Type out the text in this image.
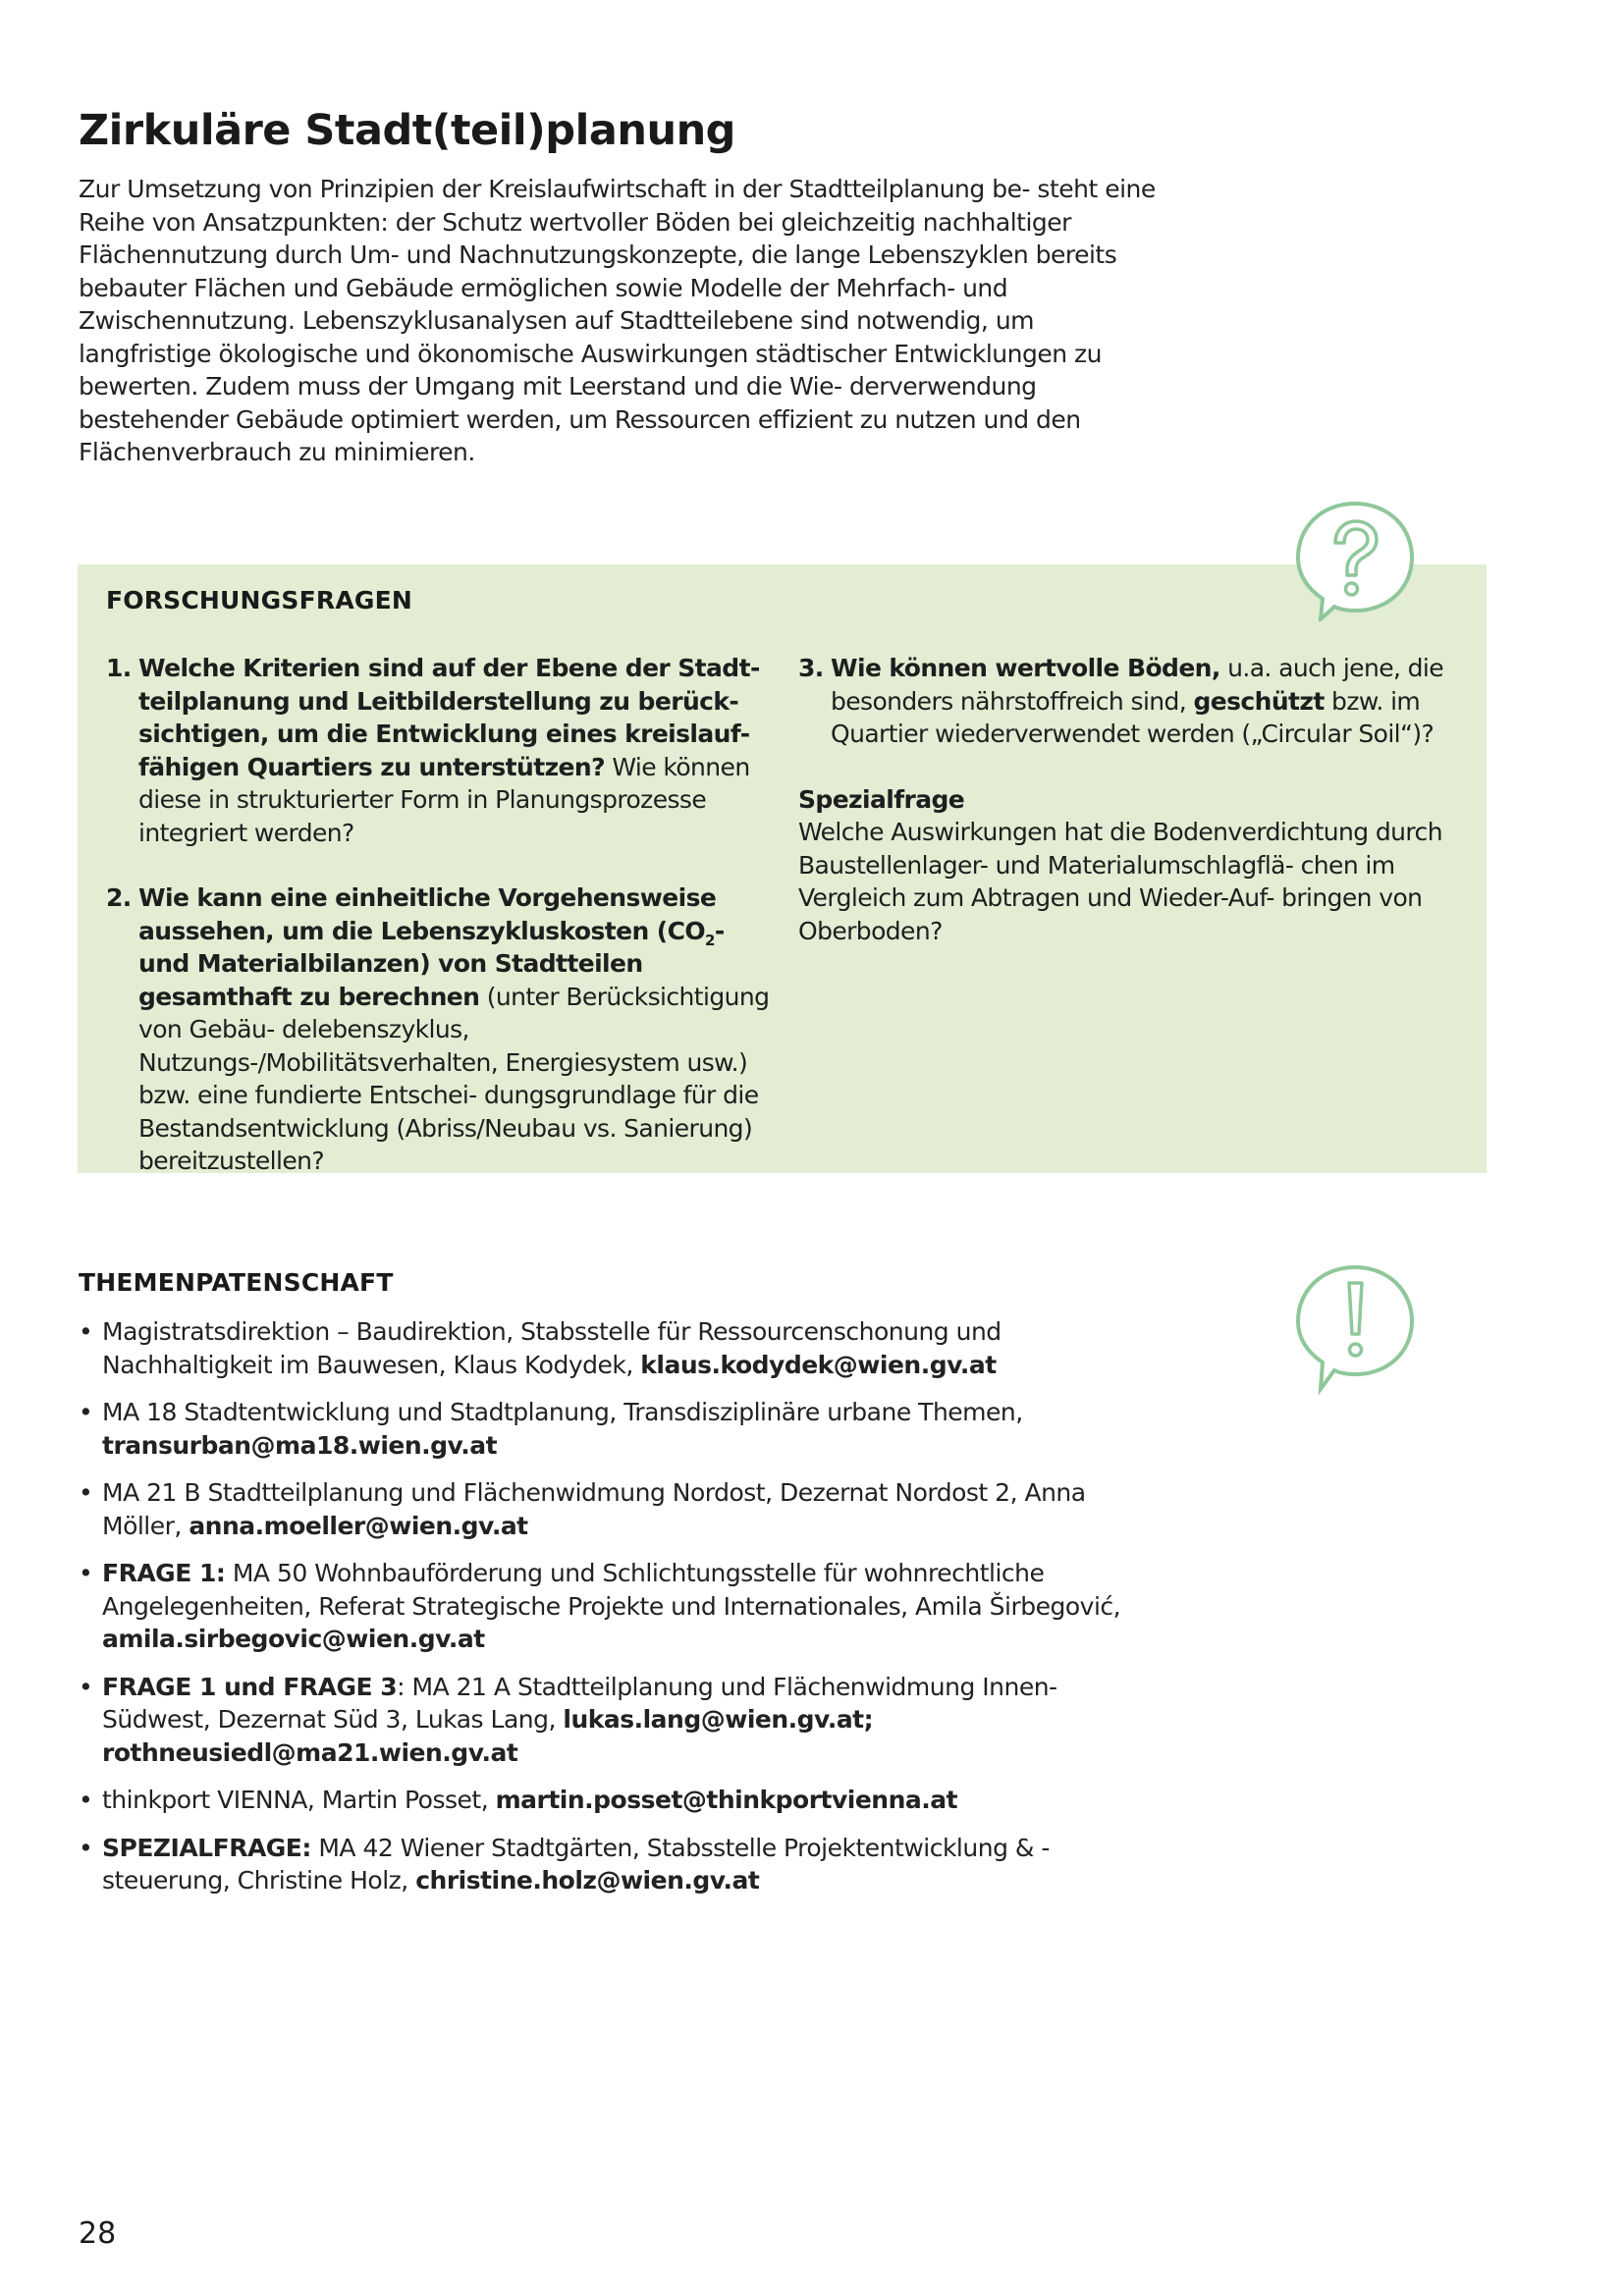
Zirkuläre Stadt(teil)planung

Zur Umsetzung von Prinzipien der Kreislaufwirtschaft in der Stadtteilplanung be- steht eine Reihe von Ansatzpunkten: der Schutz wertvoller Böden bei gleichzeitig nachhaltiger Flächennutzung durch Um- und Nachnutzungskonzepte, die lange Lebenszyklen bereits bebauter Flächen und Gebäude ermöglichen sowie Modelle der Mehrfach- und Zwischennutzung. Lebenszyklusanalysen auf Stadtteilebene sind notwendig, um langfristige ökologische und ökonomische Auswirkungen städtischer Entwicklungen zu bewerten. Zudem muss der Umgang mit Leerstand und die Wie- derverwendung bestehender Gebäude optimiert werden, um Ressourcen effizient zu nutzen und den Flächenverbrauch zu minimieren.

FORSCHUNGSFRAGEN

1. Welche Kriterien sind auf der Ebene der Stadt- teilplanung und Leitbilderstellung zu berück- sichtigen, um die Entwicklung eines kreislauf- fähigen Quartiers zu unterstützen? Wie können diese in strukturierter Form in Planungsprozesse integriert werden?

2. Wie kann eine einheitliche Vorgehensweise aussehen, um die Lebenszykluskosten ($CO_2-$ und Materialbilanzen) von Stadtteilen gesamthaft zu berechnen (unter Berücksichtigung von Gebäu- delebenszyklus, Nutzungs-/Mobilitätsverhalten, Energiesystem usw.) bzw. eine fundierte Entschei- dungsgrundlage für die Bestandsentwicklung (Abriss/Neubau vs. Sanierung) bereitzustellen?

3. Wie können wertvolle Böden, u.a. auch jene, die besonders nährstoffreich sind, geschützt bzw. im Quartier wiederverwendet werden („Circular Soil“)?

Spezialfrage

Welche Auswirkungen hat die Bodenverdichtung durch Baustellenlager- und Materialumschlagflä- chen im Vergleich zum Abtragen und Wieder-Auf- bringen von Oberboden?

THEMENPATENSCHAFT
• Magistratsdirektion – Baudirektion, Stabsstelle für Ressourcenschonung und Nachhaltigkeit im Bauwesen, Klaus Kodydek, klaus.kodydek@wien.gv.at
• MA 18 Stadtentwicklung und Stadtplanung, Transdisziplinäre urbane Themen, transurban@ma18.wien.gv.at
• MA 21 B Stadtteilplanung und Flächenwidmung Nordost, Dezernat Nordost 2, Anna Möller, anna.moeller@wien.gv.at
• FRAGE 1: MA 50 Wohnbauförderung und Schlichtungsstelle für wohnrechtliche Angelegenheiten, Referat Strategische Projekte und Internationales, Amila Širbegović, amila.sirbegovic@wien.gv.at
• FRAGE 1 und FRAGE 3: MA 21 A Stadtteilplanung und Flächenwidmung Innen-Südwest, Dezernat Süd 3, Lukas Lang, lukas.lang@wien.gv.at; rothneusiedl@ma21.wien.gv.at
• thinkport VIENNA, Martin Posset, martin.posset@thinkportvienna.at
• SPEZIALFRAGE: MA 42 Wiener Stadtgärten, Stabsstelle Projektentwicklung & -steuerung, Christine Holz, christine.holz@wien.gv.at

28
